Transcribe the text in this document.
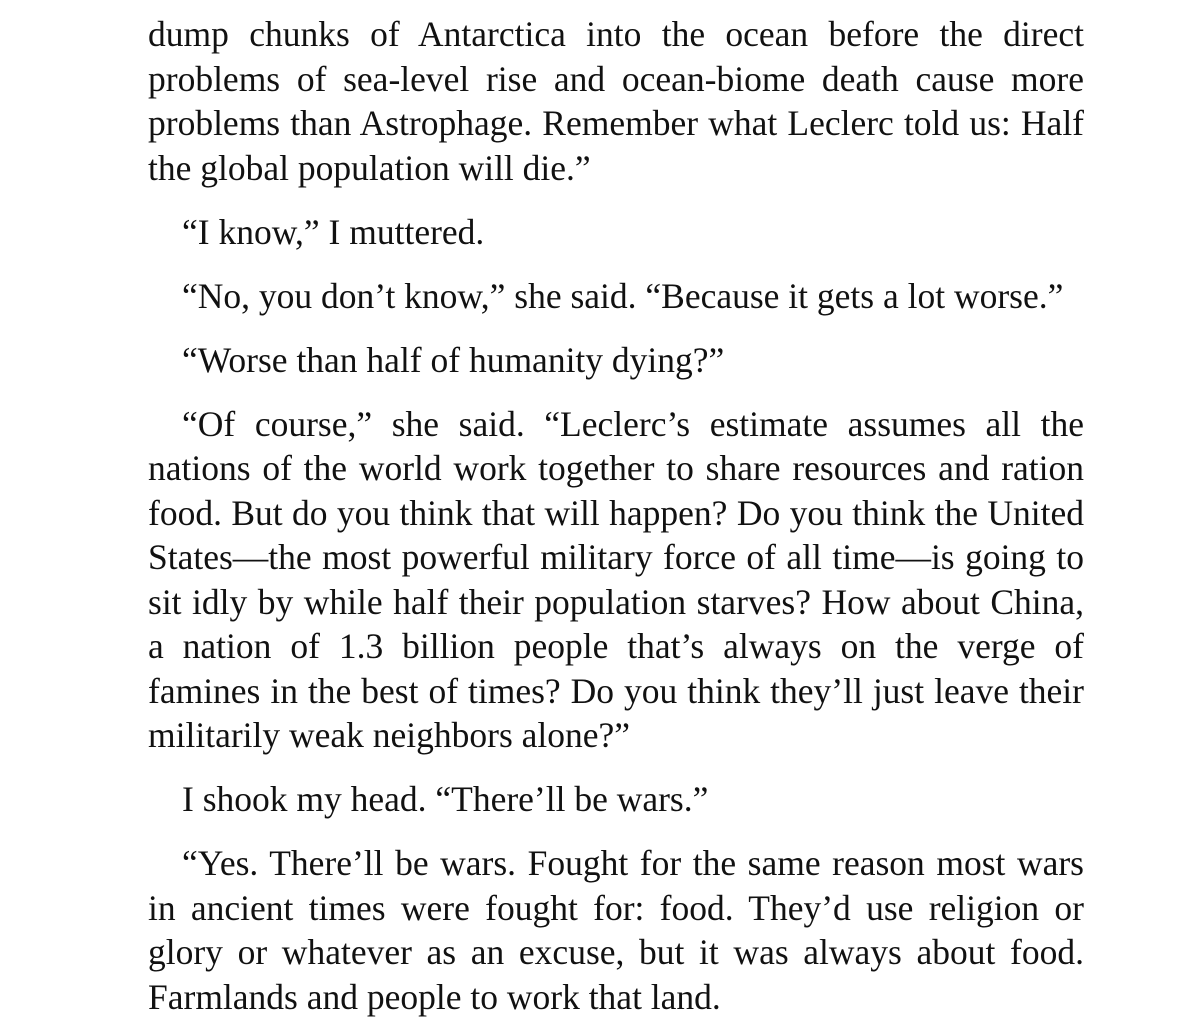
dump chunks of Antarctica into the ocean before the direct problems of sea-level rise and ocean-biome death cause more problems than Astrophage. Remember what Leclerc told us: Half the global population will die.”

“I know,” I muttered.

“No, you don’t know,” she said. “Because it gets a lot worse.”

“Worse than half of humanity dying?”

“Of course,” she said. “Leclerc’s estimate assumes all the nations of the world work together to share resources and ration food. But do you think that will happen? Do you think the United States—the most powerful military force of all time—is going to sit idly by while half their population starves? How about China, a nation of 1.3 billion people that’s always on the verge of famines in the best of times? Do you think they’ll just leave their militarily weak neighbors alone?”

I shook my head. “There’ll be wars.”

“Yes. There’ll be wars. Fought for the same reason most wars in ancient times were fought for: food. They’d use religion or glory or whatever as an excuse, but it was always about food. Farmlands and people to work that land.
